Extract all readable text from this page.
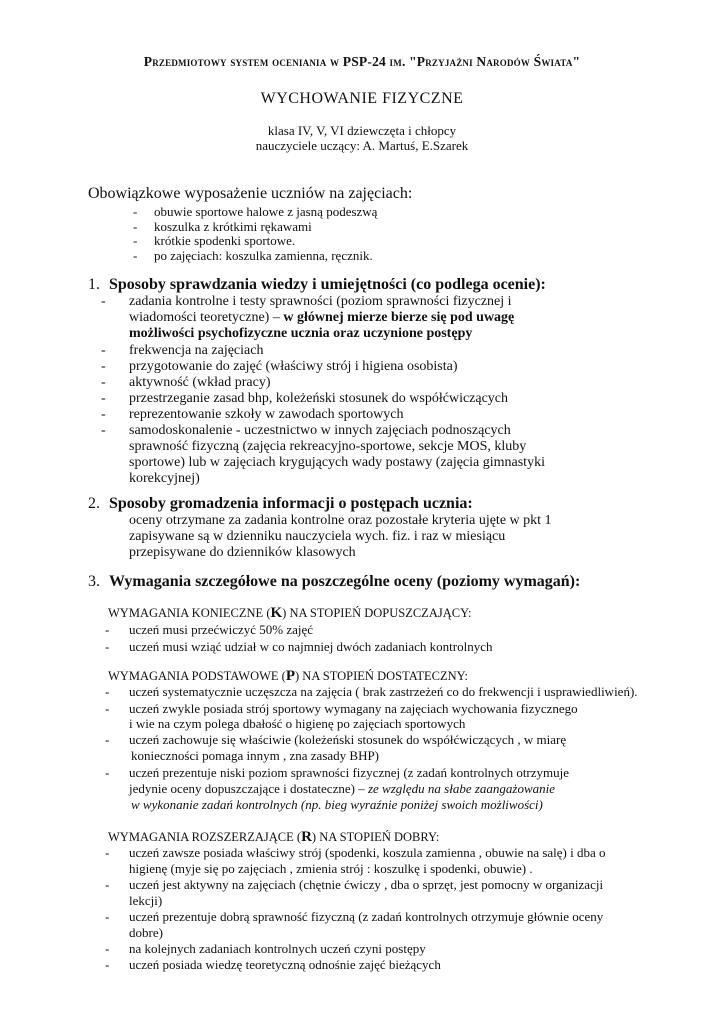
Przedmiotowy system oceniania w PSP-24 im. "Przyjaźni Narodów Świata"
WYCHOWANIE FIZYCZNE
klasa IV, V, VI dziewczęta i chłopcy
nauczyciele uczący: A. Martuś, E.Szarek
Obowiązkowe wyposażenie uczniów na zajęciach:
- obuwie sportowe halowe z jasną podeszwą
- koszulka z krótkimi rękawami
- krótkie spodenki sportowe.
- po zajęciach: koszulka zamienna, ręcznik.
1. Sposoby sprawdzania wiedzy i umiejętności (co podlega ocenie):
- zadania kontrolne i testy sprawności (poziom sprawności fizycznej i
wiadomości teoretyczne) – w głównej mierze bierze się pod uwagę
możliwości psychofizyczne ucznia oraz uczynione postępy
- frekwencja na zajęciach
- przygotowanie do zajęć (właściwy strój i higiena osobista)
- aktywność (wkład pracy)
- przestrzeganie zasad bhp, koleżeński stosunek do współćwiczących
- reprezentowanie szkoły w zawodach sportowych
- samodoskonalenie - uczestnictwo w innych zajęciach podnoszących
sprawność fizyczną (zajęcia rekreacyjno-sportowe, sekcje MOS, kluby
sportowe) lub w zajęciach krygujących wady postawy (zajęcia gimnastyki
korekcyjnej)
2. Sposoby gromadzenia informacji o postępach ucznia:
oceny otrzymane za zadania kontrolne oraz pozostałe kryteria ujęte w pkt 1
zapisywane są w dzienniku nauczyciela wych. fiz. i raz w miesiącu
przepisywane do dzienników klasowych
3. Wymagania szczegółowe na poszczególne oceny (poziomy wymagań):
WYMAGANIA KONIECZNE (K) NA STOPIEŃ DOPUSZCZAJĄCY:
- uczeń musi przećwiczyć 50% zajęć
- uczeń musi wziąć udział w co najmniej dwóch zadaniach kontrolnych
WYMAGANIA PODSTAWOWE (P) NA STOPIEŃ DOSTATECZNY:
- uczeń systematycznie uczęszcza na zajęcia ( brak zastrzeżeń co do frekwencji i usprawiedliwień).
- uczeń zwykle posiada strój sportowy wymagany na zajęciach wychowania fizycznego
i wie na czym polega dbałość o higienę po zajęciach sportowych
- uczeń zachowuje się właściwie (koleżeński stosunek do współćwiczących , w miarę
konieczności pomaga innym , zna zasady BHP)
- uczeń prezentuje niski poziom sprawności fizycznej (z zadań kontrolnych otrzymuje
jedynie oceny dopuszczające i dostateczne) – ze względu na słabe zaangażowanie
w wykonanie zadań kontrolnych (np. bieg wyraźnie poniżej swoich możliwości)
WYMAGANIA ROZSZERZAJĄCE (R) NA STOPIEŃ DOBRY:
- uczeń zawsze posiada właściwy strój (spodenki, koszula zamienna , obuwie na salę) i dba o
higienę (myje się po zajęciach , zmienia strój : koszulkę i spodenki, obuwie) .
- uczeń jest aktywny na zajęciach (chętnie ćwiczy , dba o sprzęt, jest pomocny w organizacji
lekcji)
- uczeń prezentuje dobrą sprawność fizyczną (z zadań kontrolnych otrzymuje głównie oceny
dobre)
- na kolejnych zadaniach kontrolnych uczeń czyni postępy
- uczeń posiada wiedzę teoretyczną odnośnie zajęć bieżących
